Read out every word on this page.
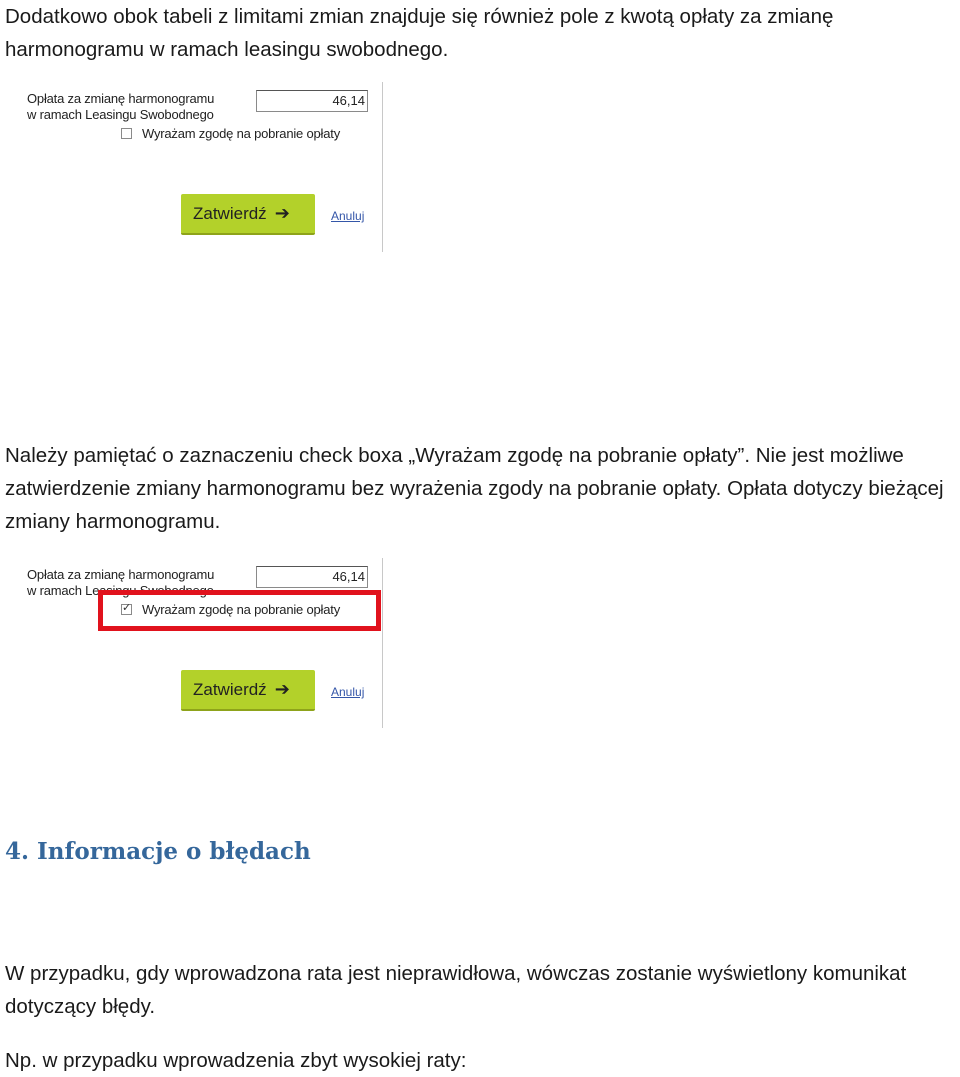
Dodatkowo obok tabeli z limitami zmian znajduje się również pole z kwotą opłaty za zmianę harmonogramu w ramach leasingu swobodnego.

Opłata za zmianę harmonogramu
w ramach Leasingu Swobodnego
46,14
Wyrażam zgodę na pobranie opłaty
Zatwierdź ➔	Anuluj

Należy pamiętać o zaznaczeniu check boxa „Wyrażam zgodę na pobranie opłaty”. Nie jest możliwe zatwierdzenie zmiany harmonogramu bez wyrażenia zgody na pobranie opłaty. Opłata dotyczy bieżącej zmiany harmonogramu.

Opłata za zmianę harmonogramu
w ramach Leasingu Swobodnego
46,14
✓
Wyrażam zgodę na pobranie opłaty
Zatwierdź ➔	Anuluj
4. Informacje o błędach

W przypadku, gdy wprowadzona rata jest nieprawidłowa, wówczas zostanie wyświetlony komunikat dotyczący błędy.

Np. w przypadku wprowadzenia zbyt wysokiej raty:
